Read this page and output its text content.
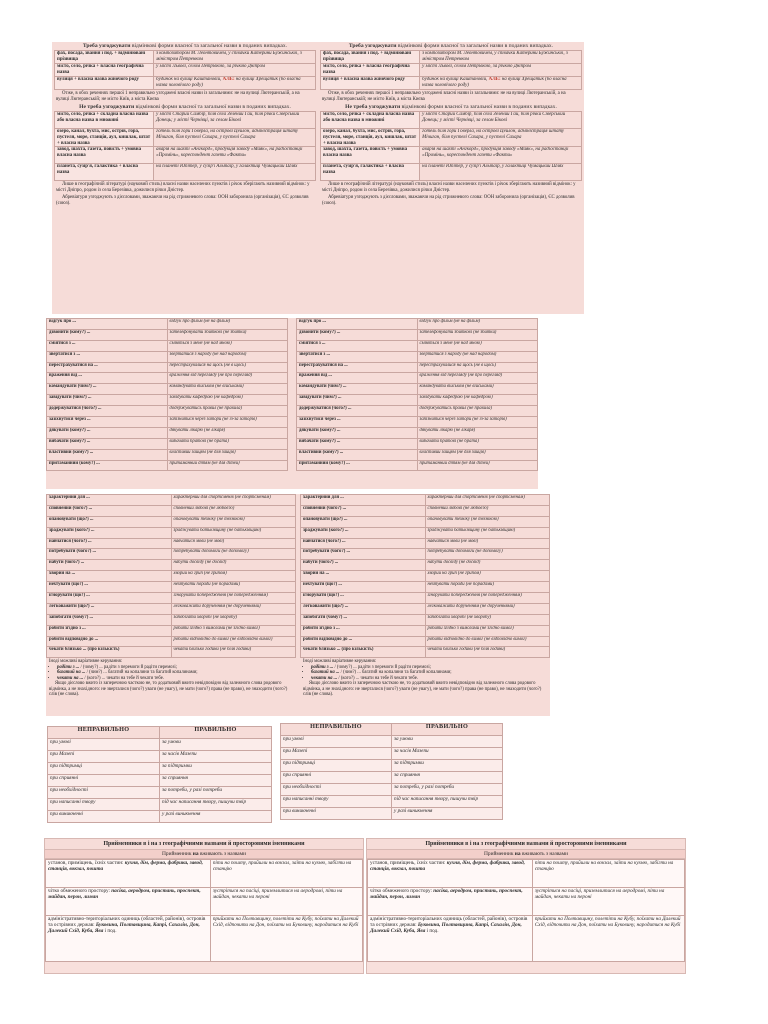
Треба узгоджувати відмінкові форми власної та загальної назви в поданих випадках.
фах, посада, звання і под. + відмінювані прізвища	з композитором М. Леонтовичем, у співачки Катерини Бужинської, з міністром Петренком
місто, село, річка + власна географічна назва	у місті Львові, селом Петрівкою, за річкою Дніпром
вулиця + власна назва жіночого роду	будинок на вулиці Каштановій, АЛЕ: на вулиці Хрещатик (бо власна назва чоловічого роду)
Отже, в обох реченнях першої 1 неправильно узгоджені власні назви із загальними: не на вулиці Лютеранській, а на вулиці Лютеранській; не місто Київ, а міста Києва
Не треба узгоджувати відмінкові форми власної та загальної назви в поданих випадках.
місто, село, річка + складна власна назва або власна назва в множині	у місті Старий Самбір, біля села Зелений Гай, біля річки Сіверський Донець; у місті Чернівці, за селом Бікові
озеро, канал, бухта, мис, острів, гора, пустеля, море, станція, аул, кишлак, штат + власна назва	готель біля гори Говерла, на острові Цейлон, адміністрація штату Мічиган, біля пустелі Сахара, у пустелі Сахара
завод, шахта, газета, повість + умовна власна назва	аварія на шахті «Ангкорд», продукція заводу «Маяк», на радіостанції «Промінь», кореспондент газети «Факти»
планета, сузір'я, галактика + власна назва	на планеті Юпітер, у сузір'ї Альтаїр, у галактиці Чумацький Шлях
Лише в географічній літературі (науковий стиль) власні назви населених пунктів і річок зберігають називний відмінок: у місті Дніпро, родом із села Березівка, дожилися річки Дністер.
Абревіатури узгоджують з дієсловами, зважаючи на рід стрижневого слова: ООН заборонила (організація), ЄС дозволив (союз).
Треба узгоджувати відмінкові форми власної та загальної назви в поданих випадках.
фах, посада, звання і под. + відмінювані прізвища	з композитором М. Леонтовичем, у співачки Катерини Бужинської, з міністром Петренком
місто, село, річка + власна географічна назва	у місті Львові, селом Петрівкою, за річкою Дніпром
вулиця + власна назва жіночого роду	будинок на вулиці Каштановій, АЛЕ: на вулиці Хрещатик (бо власна назва чоловічого роду)
Отже, в обох реченнях першої 1 неправильно узгоджені власні назви із загальними: не на вулиці Лютеранській, а на вулиці Лютеранській; не місто Київ, а міста Києва
Не треба узгоджувати відмінкові форми власної та загальної назви в поданих випадках.
місто, село, річка + складна власна назва або власна назва в множині	у місті Старий Самбір, біля села Зелений Гай, біля річки Сіверський Донець; у місті Чернівці, за селом Бікові
озеро, канал, бухта, мис, острів, гора, пустеля, море, станція, аул, кишлак, штат + власна назва	готель біля гори Говерла, на острові Цейлон, адміністрація штату Мічиган, біля пустелі Сахара, у пустелі Сахара
завод, шахта, газета, повість + умовна власна назва	аварія на шахті «Ангкорд», продукція заводу «Маяк», на радіостанції «Промінь», кореспондент газети «Факти»
планета, сузір'я, галактика + власна назва	на планеті Юпітер, у сузір'ї Альтаїр, у галактиці Чумацький Шлях
Лише в географічній літературі (науковий стиль) власні назви населених пунктів і річок зберігають називний відмінок: у місті Дніпро, родом із села Березівка, дожилися річки Дністер.
Абревіатури узгоджують з дієсловами, зважаючи на рід стрижневого слова: ООН заборонила (організація), ЄС дозволив (союз).
відгук про ...	відгук про фільм (не на фільм)
дзвонити (кому?) ...	зателефонувати збиткові (не збитки)
сміятися з ...	сміються з мене (не над мною)
звертатися з ...	звертатися з народу (не над народом)
перестрахуватися на ...	перестрахувалися на щось (не в щось)
враження від ...	враження від перегляду (не про перегляд)
командувати (чим?) ...	командувати військом (не військами)
завідувати (чим?) ...	завідувати кафедрою (не кафедрою)
додержуватися (чого?) ...	додержуватись правил (не правила)
зазіхнутися через ...	запізнитися через затори (не із-за заторів)
дякувати (кому?) ...	дякувати лікарю (не лікаря)
вибачати (кому?) ...	вибачати братові (не брата)
властивий (кому?) ...	властивий зайцям (не для зайців)
притаманний (кому?) ...	притаманний дітям (не для дітей)
відгук про ...	відгук про фільм (не на фільм)
дзвонити (кому?) ...	зателефонувати збиткові (не збитки)
сміятися з ...	сміються з мене (не над мною)
звертатися з ...	звертатися з народу (не над народом)
перестрахуватися на ...	перестрахувалися на щось (не в щось)
враження від ...	враження від перегляду (не про перегляд)
командувати (чим?) ...	командувати військом (не військами)
завідувати (чим?) ...	завідувати кафедрою (не кафедрою)
додержуватися (чого?) ...	додержуватись правил (не правила)
зазіхнутися через ...	запізнитися через затори (не із-за заторів)
дякувати (кому?) ...	дякувати лікарю (не лікаря)
вибачати (кому?) ...	вибачати братові (не брата)
властивий (кому?) ...	властивий зайцям (не для зайців)
притаманний (кому?) ...	притаманний дітям (не для дітей)
характерний для ...	характерний для спортсменів (не спортсменам)
сповнений (чого?) ...	сповнений любові (не любов'ю)
опановувати (що?) ...	опановувати техніку (не технікою)
зраджувати (кого?) ...	зраджувати батьківщину (не батьківщині)
навчатися (чого?) ...	навчатися мови (не мові)
потребувати (чого?) ...	потребувати допомоги (не допомогу)
набути (чого?) ...	набути досвіду (не досвід)
хворий на ...	хворий на грип (не грипом)
нехтувати (що?) ...	нехтувати поради (не порадами)
ігнорувати (що?) ...	ігнорувати попередження (не попередженням)
легковажити (що?) ...	легковажити дорученням (не дорученнями)
запобігати (чому?) ...	запобігати хворобі (не хворобу)
робити згідно з ...	робити згідно з вимогами (не згідно вимог)
робити відповідно до ...	робити відповідно до вимог (не відповідно вимог)
чекати близько ... (про кількість)	чекати близько години (не біля години)
Іноді можливі варіативне керування:
• радіти з ... / (чому?) ... радіти з перемоги й радіти перемозі;
• багатий на ... / (чим?) ... багатий на копалини та багатий копалинами;
• чекати на ... / (кого?) ... чекати на тебе й чекати тебе.
Якщо дієслово вжито із заперечною часткою не, то додатковий вжито невідповідно від залежного слова родового відмінка, а не знахідного: не зверталися (чого?) уваги (не увагу), не мати (чого?) права (не право), не знаходити (чого?) слів (не слова).
характерний для ...	характерний для спортсменів (не спортсменам)
сповнений (чого?) ...	сповнений любові (не любов'ю)
опановувати (що?) ...	опановувати техніку (не технікою)
зраджувати (кого?) ...	зраджувати батьківщину (не батьківщині)
навчатися (чого?) ...	навчатися мови (не мові)
потребувати (чого?) ...	потребувати допомоги (не допомогу)
набути (чого?) ...	набути досвіду (не досвід)
хворий на ...	хворий на грип (не грипом)
нехтувати (що?) ...	нехтувати поради (не порадами)
ігнорувати (що?) ...	ігнорувати попередження (не попередженням)
легковажити (що?) ...	легковажити дорученням (не дорученнями)
запобігати (чому?) ...	запобігати хворобі (не хворобу)
робити згідно з ...	робити згідно з вимогами (не згідно вимог)
робити відповідно до ...	робити відповідно до вимог (не відповідно вимог)
чекати близько ... (про кількість)	чекати близько години (не біля години)
Іноді можливі варіативне керування:
• радіти з ... / (чому?) ... радіти з перемоги й радіти перемозі;
• багатий на ... / (чим?) ... багатий на копалини та багатий копалинами;
• чекати на ... / (кого?) ... чекати на тебе й чекати тебе.
Якщо дієслово вжито із заперечною часткою не, то додатковий вжито невідповідно від залежного слова родового відмінка, а не знахідного: не зверталися (чого?) уваги (не увагу), не мати (чого?) права (не право), не знаходити (чого?) слів (не слова).
НЕПРАВИЛЬНО	ПРАВИЛЬНО
при умові	за умови
при Мазепі	за часів Мазепи
при підтримці	за підтримки
при сприянні	за сприяння
при необхідності	за потреби, у разі потреби
при написанні твору	під час написання твору, пишучи твір
при виникненні	у разі виникнення
НЕПРАВИЛЬНО	ПРАВИЛЬНО
при умові	за умови
при Мазепі	за часів Мазепи
при підтримці	за підтримки
при сприянні	за сприяння
при необхідності	за потреби, у разі потреби
при написанні твору	під час написання твору, пишучи твір
при виникненні	у разі виникнення
Прийменники в і на з географічними назвами й просторовими іменниками
Прийменник на вживають з назвами
установ, приміщень, їхніх частин: кухня, дім, ферма, фабрика, завод, станція, вокзал, пошта	піти на пошту, прийшли на вокзал, заїти на кухню, забігти на станцію
чітко обмеженого простору: пасіка, аеродром, пристань, проспект, майдан, перон, лиман	зустрітися на пасіці, приземлитися на аеродромі, піти на майдан, чекати на пероні
адміністративно-територіальних одиниць (областей, районів), островів та острівних держав: Буковина, Полтавщина, Капрі, Сахалін, Дон, Далекий Схід, Куба, Ява і под.	прийхати на Полтавщину, полетіти на Кубу, поїхати на Далекий Схід, відпочити на Дон, поїхати на Буковину, народитися на Кубі
Прийменники в і на з географічними назвами й просторовими іменниками
Прийменник на вживають з назвами
установ, приміщень, їхніх частин: кухня, дім, ферма, фабрика, завод, станція, вокзал, пошта	піти на пошту, прийшли на вокзал, заїти на кухню, забігти на станцію
чітко обмеженого простору: пасіка, аеродром, пристань, проспект, майдан, перон, лиман	зустрітися на пасіці, приземлитися на аеродромі, піти на майдан, чекати на пероні
адміністративно-територіальних одиниць (областей, районів), островів та острівних держав: Буковина, Полтавщина, Капрі, Сахалін, Дон, Далекий Схід, Куба, Ява і под.	прийхати на Полтавщину, полетіти на Кубу, поїхати на Далекий Схід, відпочити на Дон, поїхати на Буковину, народитися на Кубі
